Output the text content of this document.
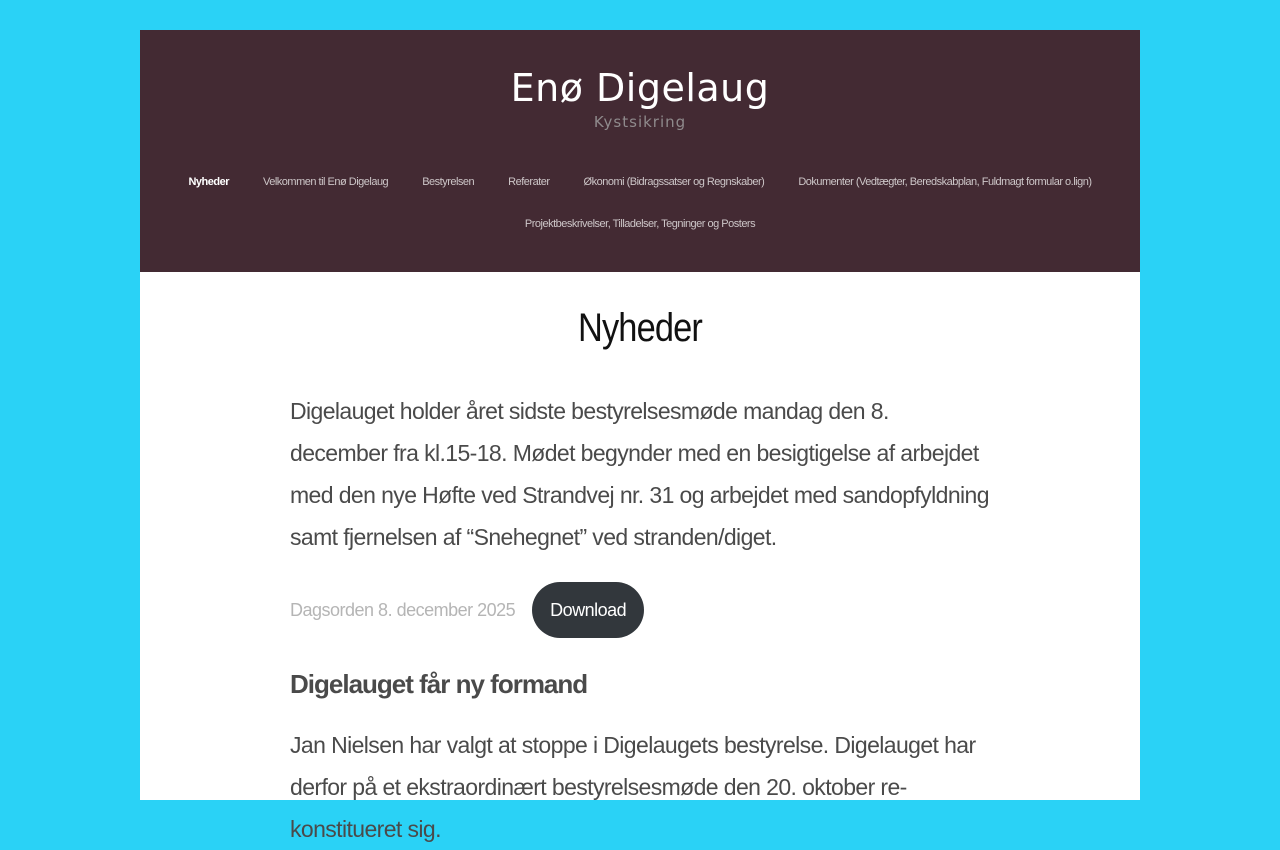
Enø Digelaug
Kystsikring
Nyheder	Velkommen til Enø Digelaug	Bestyrelsen	Referater	Økonomi (Bidragssatser og Regnskaber)	Dokumenter (Vedtægter, Beredskabplan, Fuldmagt formular o.lign)
Projektbeskrivelser, Tilladelser, Tegninger og Posters
Nyheder

Digelauget holder året sidste bestyrelsesmøde mandag den 8. december fra kl.15-18. Mødet begynder med en besigtigelse af arbejdet med den nye Høfte ved Strandvej nr. 31 og arbejdet med sandopfyldning samt fjernelsen af “Snehegnet” ved stranden/diget.

Dagsorden 8. december 2025	Download
Digelauget får ny formand

Jan Nielsen har valgt at stoppe i Digelaugets bestyrelse. Digelauget har derfor på et ekstraordinært bestyrelsesmøde den 20. oktober re-konstitueret sig.
